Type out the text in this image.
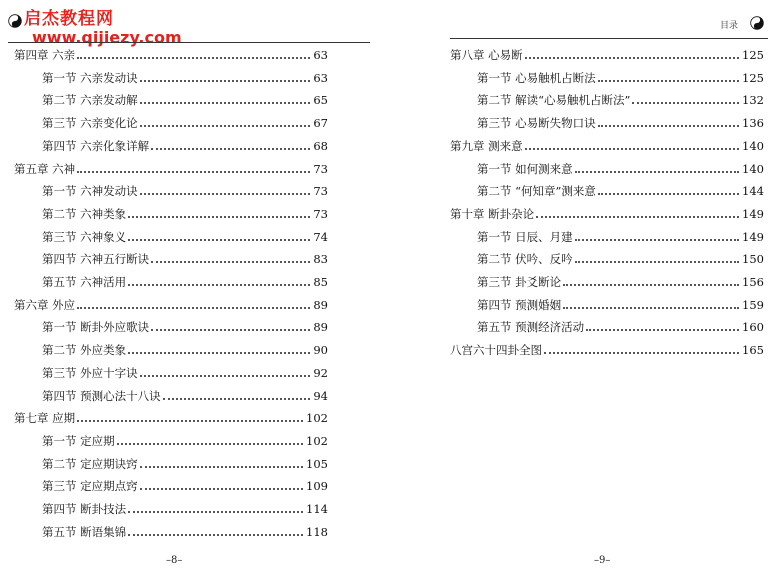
启杰教程网
www.qijiezy.com
第四章 六亲	63
第一节 六亲发动诀	63
第二节 六亲发动解	65
第三节 六亲变化论	67
第四节 六亲化象详解	68
第五章 六神	73
第一节 六神发动诀	73
第二节 六神类象	73
第三节 六神象义	74
第四节 六神五行断诀	83
第五节 六神活用	85
第六章 外应	89
第一节 断卦外应歌诀	89
第二节 外应类象	90
第三节 外应十字诀	92
第四节 预测心法十八诀	94
第七章 应期	102
第一节 定应期	102
第二节 定应期诀窍	105
第三节 定应期点窍	109
第四节 断卦技法	114
第五节 断语集锦	118
–8–
目录
第八章 心易断	125
第一节 心易触机占断法	125
第二节 解读“心易触机占断法”	132
第三节 心易断失物口诀	136
第九章 测来意	140
第一节 如何测来意	140
第二节 “何知章”测来意	144
第十章 断卦杂论	149
第一节 日辰、月建	149
第二节 伏吟、反吟	150
第三节 卦爻断论	156
第四节 预测婚姻	159
第五节 预测经济活动	160
八宫六十四卦全图	165
–9–
